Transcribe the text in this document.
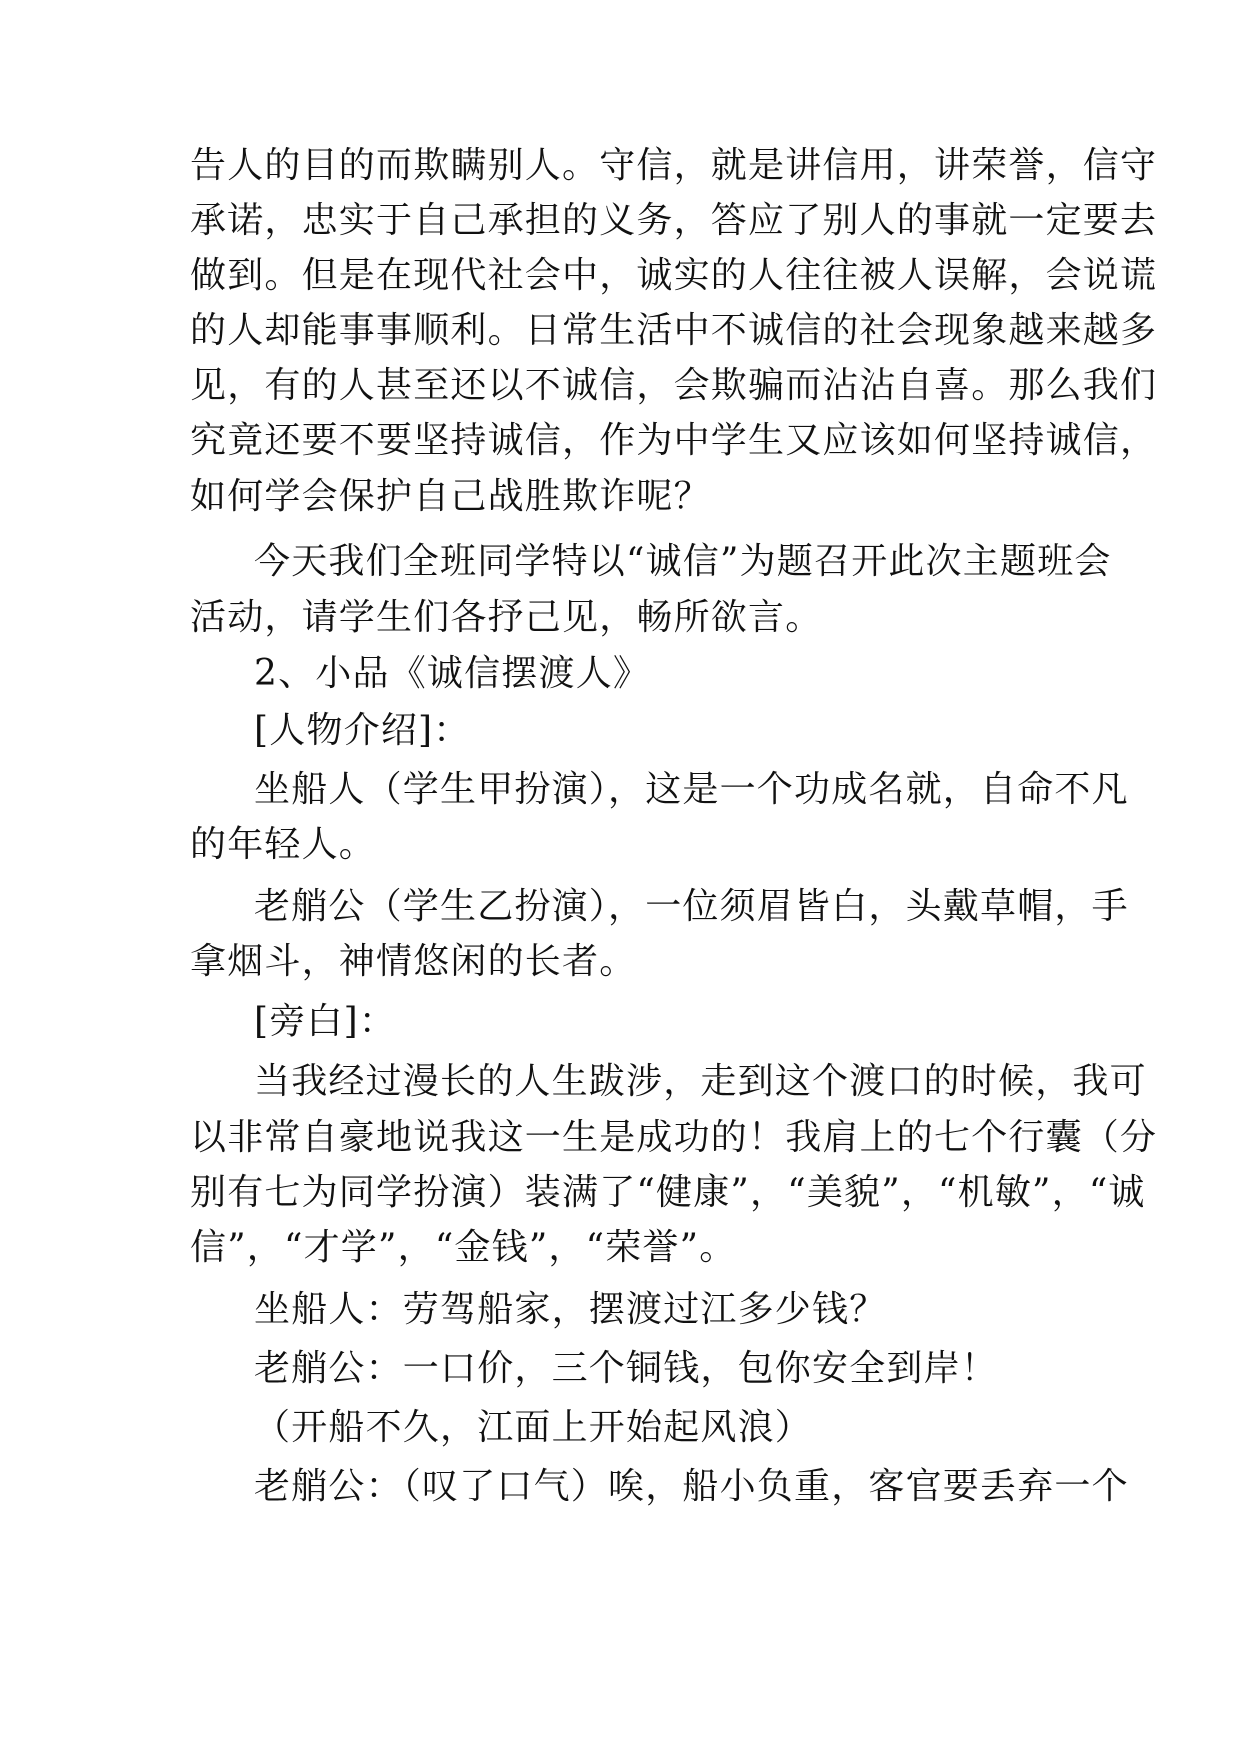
告人的目的而欺瞒别人。守信，就是讲信用，讲荣誉，信守
承诺，忠实于自己承担的义务，答应了别人的事就一定要去
做到。但是在现代社会中，诚实的人往往被人误解，会说谎
的人却能事事顺利。日常生活中不诚信的社会现象越来越多
见，有的人甚至还以不诚信，会欺骗而沾沾自喜。那么我们
究竟还要不要坚持诚信，作为中学生又应该如何坚持诚信，
如何学会保护自己战胜欺诈呢？
今天我们全班同学特以“诚信”为题召开此次主题班会
活动，请学生们各抒己见，畅所欲言。
2、小品《诚信摆渡人》
[人物介绍]：
坐船人（学生甲扮演），这是一个功成名就，自命不凡
的年轻人。
老艄公（学生乙扮演），一位须眉皆白，头戴草帽，手
拿烟斗，神情悠闲的长者。
[旁白]：
当我经过漫长的人生跋涉，走到这个渡口的时候，我可
以非常自豪地说我这一生是成功的！我肩上的七个行囊（分
别有七为同学扮演）装满了“健康”，“美貌”，“机敏”，“诚
信”，“才学”，“金钱”，“荣誉”。
坐船人：劳驾船家，摆渡过江多少钱？
老艄公：一口价，三个铜钱，包你安全到岸！
（开船不久，江面上开始起风浪）
老艄公：（叹了口气）唉，船小负重，客官要丢弃一个
